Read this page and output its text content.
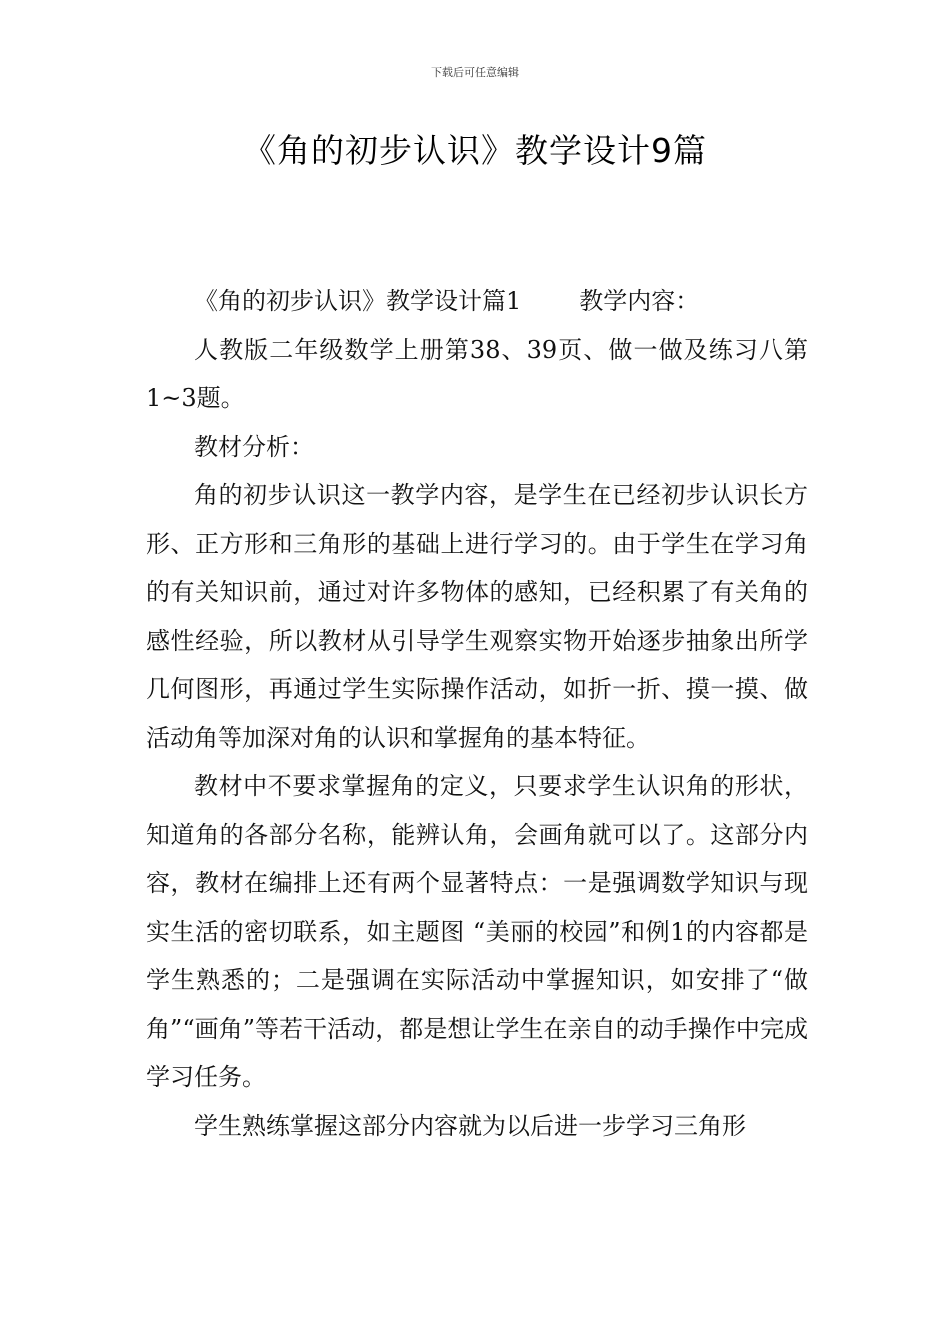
下载后可任意编辑
《角的初步认识》教学设计9篇

《角的初步认识》教学设计篇1 教学内容：

人教版二年级数学上册第38、39页、做一做及练习八第1~3题。

教材分析：

角的初步认识这一教学内容，是学生在已经初步认识长方形、正方形和三角形的基础上进行学习的。由于学生在学习角的有关知识前，通过对许多物体的感知，已经积累了有关角的感性经验，所以教材从引导学生观察实物开始逐步抽象出所学几何图形，再通过学生实际操作活动，如折一折、摸一摸、做活动角等加深对角的认识和掌握角的基本特征。

教材中不要求掌握角的定义，只要求学生认识角的形状，知道角的各部分名称，能辨认角，会画角就可以了。这部分内容，教材在编排上还有两个显著特点：一是强调数学知识与现实生活的密切联系，如主题图 “美丽的校园”和例1的内容都是学生熟悉的；二是强调在实际活动中掌握知识，如安排了“做角”“画角”等若干活动，都是想让学生在亲自的动手操作中完成学习任务。

学生熟练掌握这部分内容就为以后进一步学习三角形
